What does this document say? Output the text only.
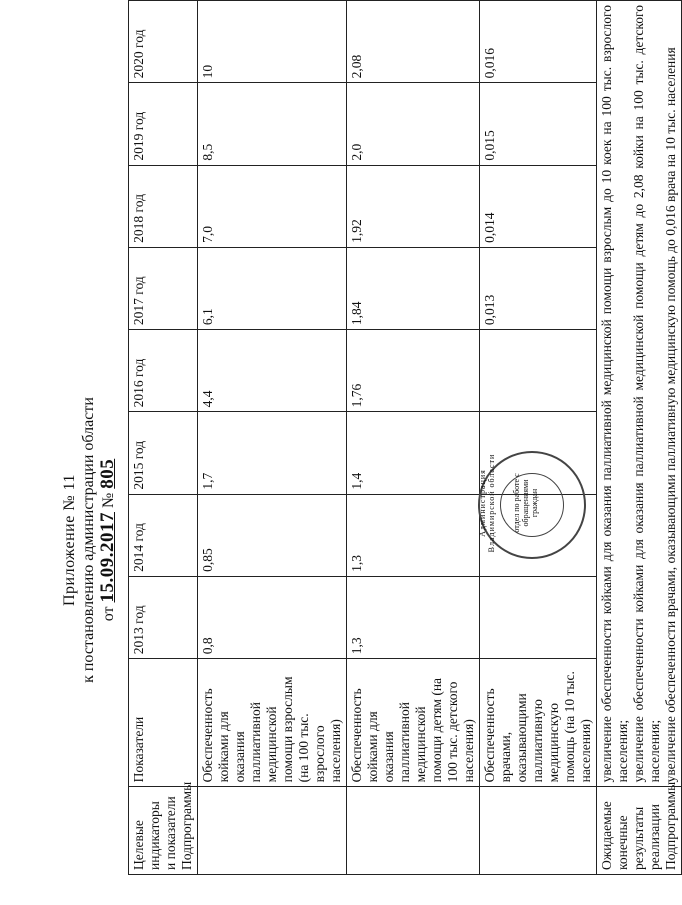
Приложение № 11 к постановлению администрации области от 15.09.2017 № 805
Целевые индикаторы и показатели Подпрограммы	Показатели	2013 год	2014 год	2015 год	2016 год	2017 год	2018 год	2019 год	2020 год
	Обеспеченность койками для оказания паллиативной медицинской помощи взрослым (на 100 тыс. взрослого населения)	0,8	0,85	1,7	4,4	6,1	7,0	8,5	10
	Обеспеченность койками для оказания паллиативной медицинской помощи детям (на 100 тыс. детского населения)	1,3	1,3	1,4	1,76	1,84	1,92	2,0	2,08
	Обеспеченность врачами, оказывающими паллиативную медицинскую помощь (на 10 тыс. населения)					0,013	0,014	0,015	0,016
Ожидаемые конечные результаты реализации Подпрограммы	увеличение обеспеченности койками для оказания паллиативной медицинской помощи взрослым до 10 коек на 100 тыс. взрослого населения; увеличение обеспеченности койками для оказания паллиативной медицинской помощи детям до 2,08 койки на 100 тыс. детского населения; увеличение обеспеченности врачами, оказывающими паллиативную медицинскую помощь до 0,016 врача на 10 тыс. населения								
Администрация Владимирской области отдел по работе с обращениями граждан
